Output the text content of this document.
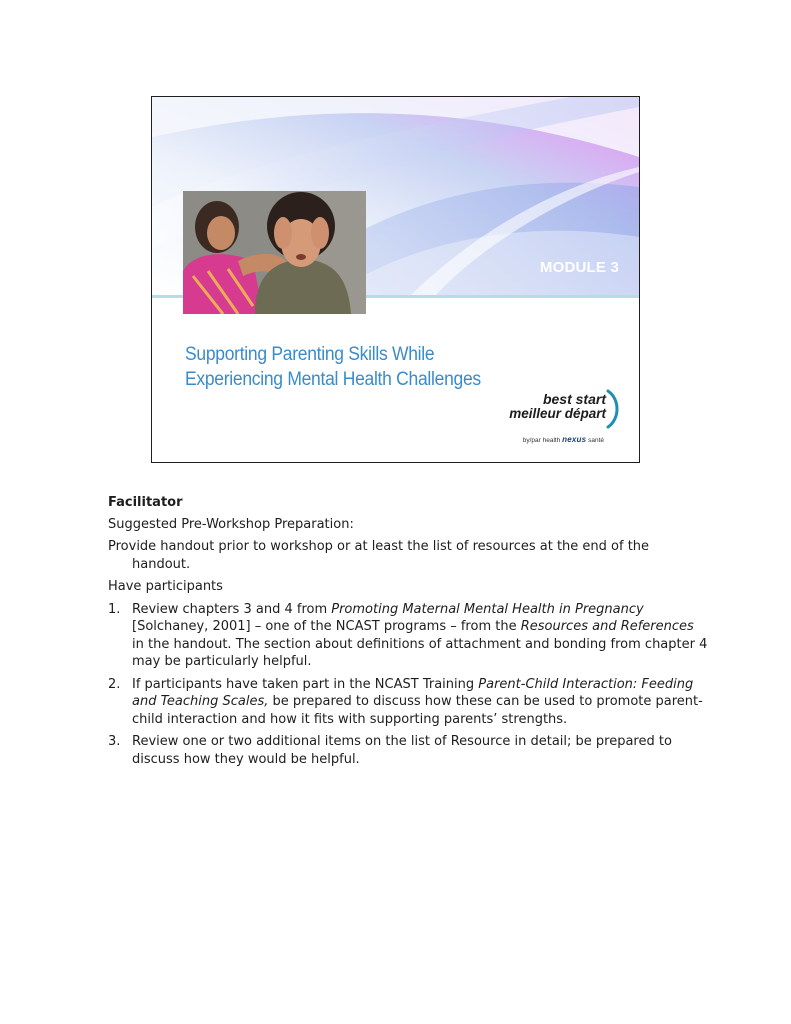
MODULE 3
Supporting Parenting Skills While
Experiencing Mental Health Challenges
best start
meilleur départ
by/par health nexus santé
Facilitator
Suggested Pre-Workshop Preparation:
Provide handout prior to workshop or at least the list of resources at the end of the handout.
Have participants
1. Review chapters 3 and 4 from Promoting Maternal Mental Health in Pregnancy [Solchaney, 2001] – one of the NCAST programs – from the Resources and References in the handout. The section about definitions of attachment and bonding from chapter 4 may be particularly helpful.
2. If participants have taken part in the NCAST Training Parent-Child Interaction: Feeding and Teaching Scales, be prepared to discuss how these can be used to promote parent-child interaction and how it fits with supporting parents’ strengths.
3. Review one or two additional items on the list of Resource in detail; be prepared to discuss how they would be helpful.
